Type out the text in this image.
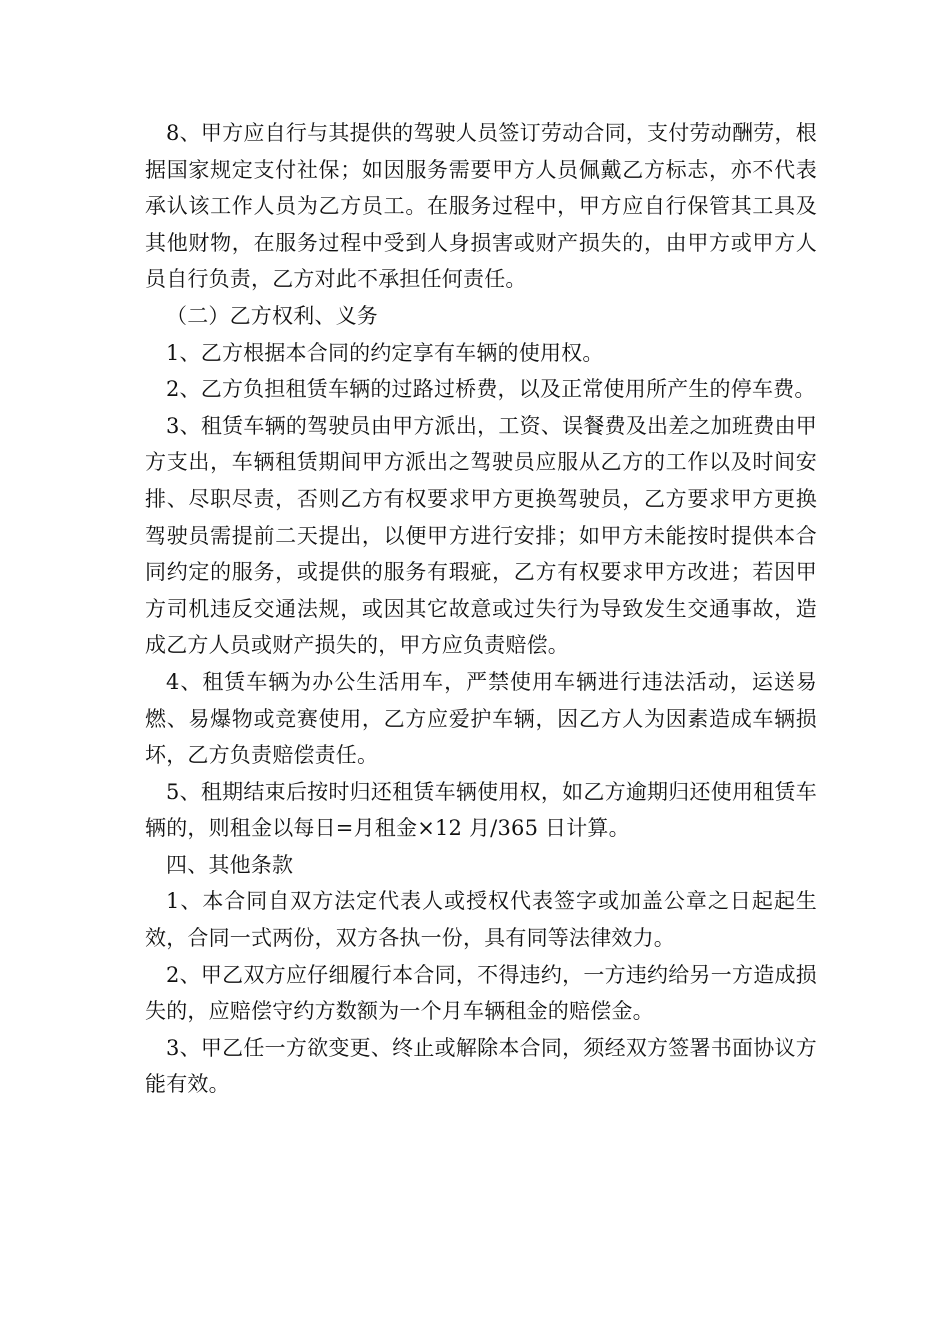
8、甲方应自行与其提供的驾驶人员签订劳动合同，支付劳动酬劳，根据国家规定支付社保；如因服务需要甲方人员佩戴乙方标志，亦不代表承认该工作人员为乙方员工。在服务过程中，甲方应自行保管其工具及其他财物，在服务过程中受到人身损害或财产损失的，由甲方或甲方人员自行负责，乙方对此不承担任何责任。

（二）乙方权利、义务

1、乙方根据本合同的约定享有车辆的使用权。

2、乙方负担租赁车辆的过路过桥费，以及正常使用所产生的停车费。

3、租赁车辆的驾驶员由甲方派出，工资、误餐费及出差之加班费由甲方支出，车辆租赁期间甲方派出之驾驶员应服从乙方的工作以及时间安排、尽职尽责，否则乙方有权要求甲方更换驾驶员，乙方要求甲方更换驾驶员需提前二天提出，以便甲方进行安排；如甲方未能按时提供本合同约定的服务，或提供的服务有瑕疵，乙方有权要求甲方改进；若因甲方司机违反交通法规，或因其它故意或过失行为导致发生交通事故，造成乙方人员或财产损失的，甲方应负责赔偿。

4、租赁车辆为办公生活用车，严禁使用车辆进行违法活动，运送易燃、易爆物或竞赛使用，乙方应爱护车辆，因乙方人为因素造成车辆损坏，乙方负责赔偿责任。

5、租期结束后按时归还租赁车辆使用权，如乙方逾期归还使用租赁车辆的，则租金以每日=月租金×12 月/365 日计算。

四、其他条款

1、本合同自双方法定代表人或授权代表签字或加盖公章之日起起生效，合同一式两份，双方各执一份，具有同等法律效力。

2、甲乙双方应仔细履行本合同，不得违约，一方违约给另一方造成损失的，应赔偿守约方数额为一个月车辆租金的赔偿金。

3、甲乙任一方欲变更、终止或解除本合同，须经双方签署书面协议方能有效。
